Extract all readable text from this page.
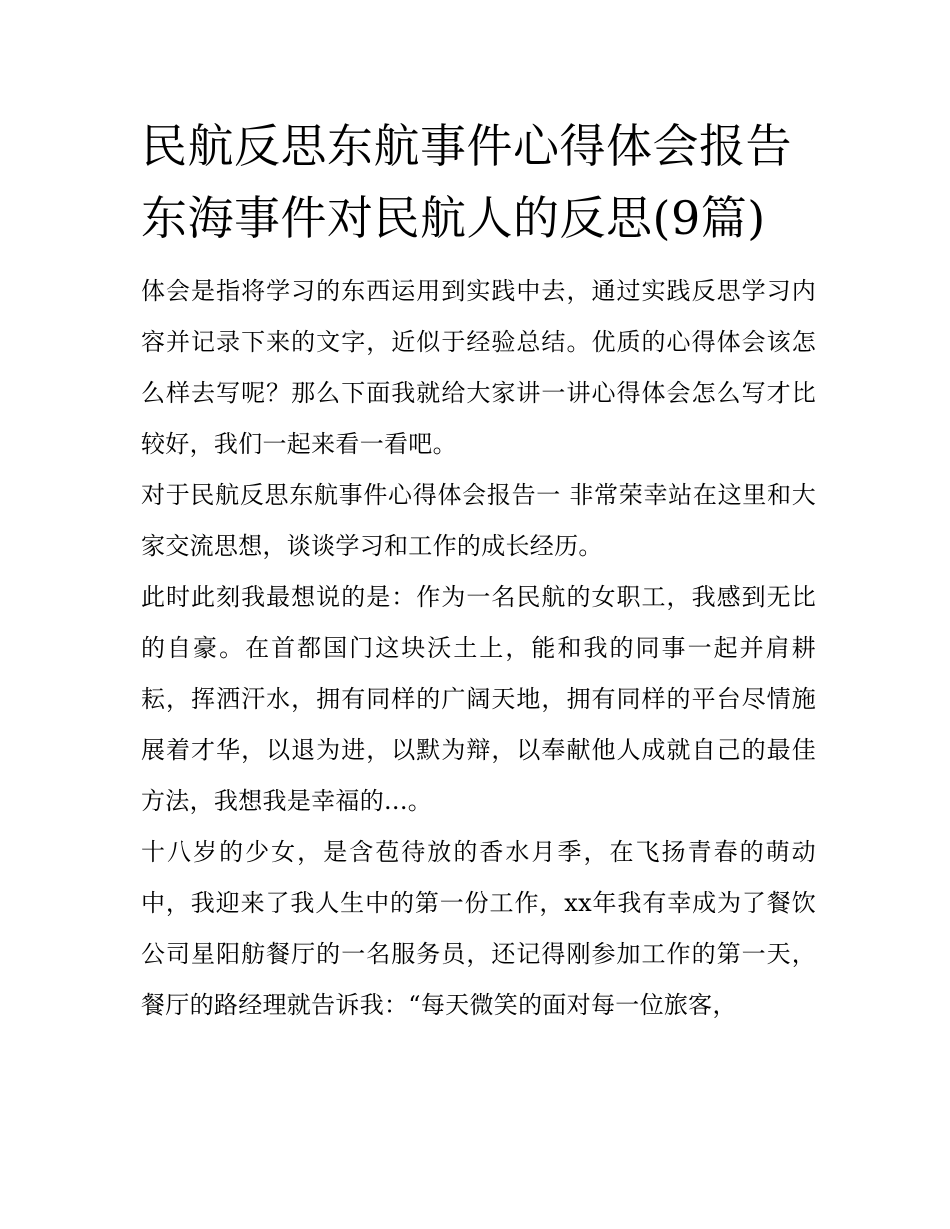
民航反思东航事件心得体会报告 东海事件对民航人的反思(9篇)

体会是指将学习的东西运用到实践中去，通过实践反思学习内容并记录下来的文字，近似于经验总结。优质的心得体会该怎么样去写呢？那么下面我就给大家讲一讲心得体会怎么写才比较好，我们一起来看一看吧。

对于民航反思东航事件心得体会报告一 非常荣幸站在这里和大家交流思想，谈谈学习和工作的成长经历。

此时此刻我最想说的是：作为一名民航的女职工，我感到无比的自豪。在首都国门这块沃土上，能和我的同事一起并肩耕耘，挥洒汗水，拥有同样的广阔天地，拥有同样的平台尽情施展着才华，以退为进，以默为辩，以奉献他人成就自己的最佳方法，我想我是幸福的...。

十八岁的少女，是含苞待放的香水月季，在飞扬青春的萌动中，我迎来了我人生中的第一份工作，xx年我有幸成为了餐饮公司星阳舫餐厅的一名服务员，还记得刚参加工作的第一天，餐厅的路经理就告诉我：“每天微笑的面对每一位旅客，
